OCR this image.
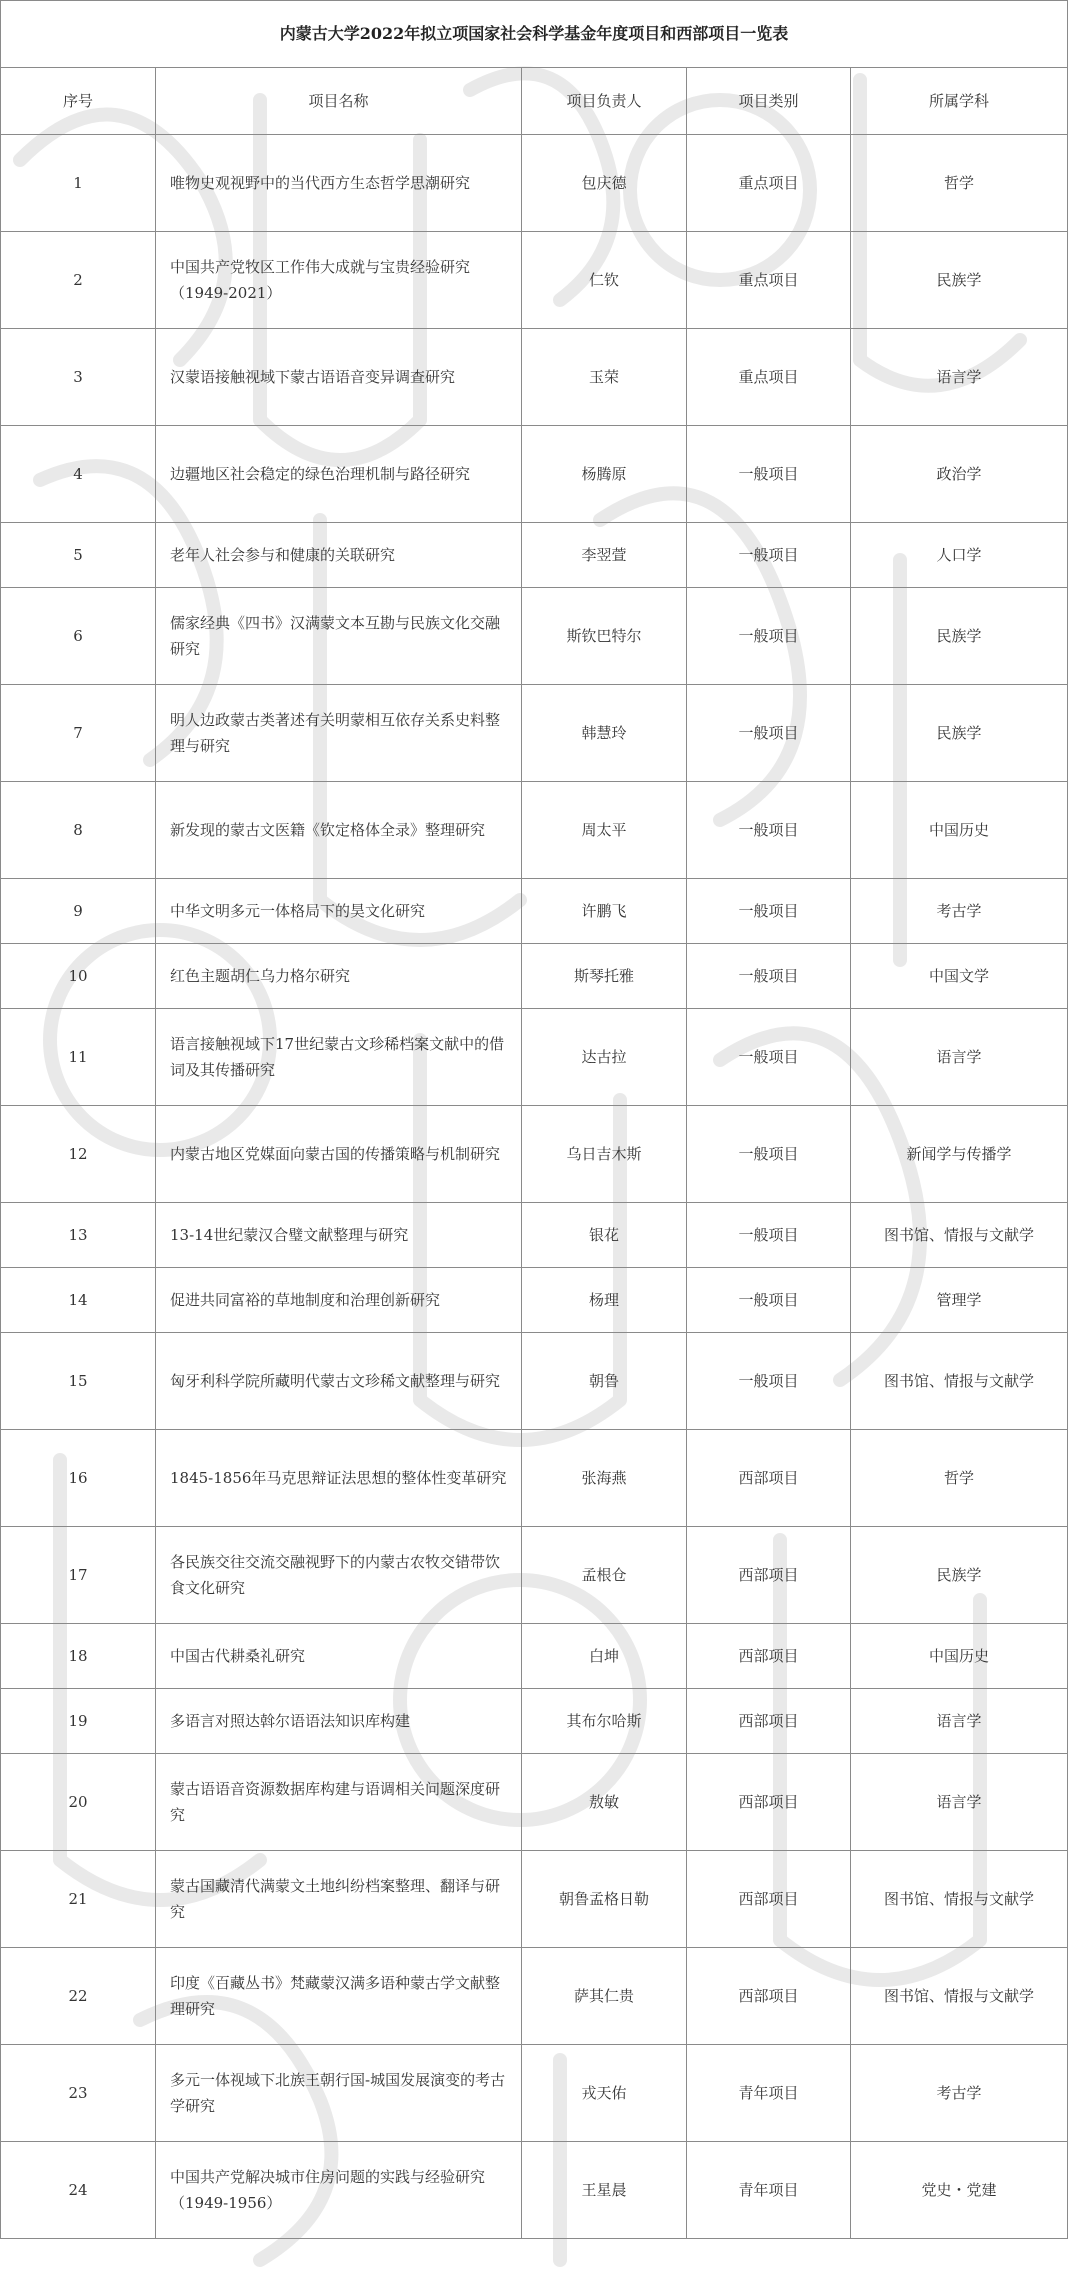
内蒙古大学2022年拟立项国家社会科学基金年度项目和西部项目一览表				
序号	项目名称	项目负责人	项目类别	所属学科
1	唯物史观视野中的当代西方生态哲学思潮研究	包庆德	重点项目	哲学
2	中国共产党牧区工作伟大成就与宝贵经验研究（1949-2021）	仁钦	重点项目	民族学
3	汉蒙语接触视域下蒙古语语音变异调查研究	玉荣	重点项目	语言学
4	边疆地区社会稳定的绿色治理机制与路径研究	杨腾原	一般项目	政治学
5	老年人社会参与和健康的关联研究	李翌萱	一般项目	人口学
6	儒家经典《四书》汉满蒙文本互勘与民族文化交融研究	斯钦巴特尔	一般项目	民族学
7	明人边政蒙古类著述有关明蒙相互依存关系史料整理与研究	韩慧玲	一般项目	民族学
8	新发现的蒙古文医籍《钦定格体全录》整理研究	周太平	一般项目	中国历史
9	中华文明多元一体格局下的昊文化研究	许鹏飞	一般项目	考古学
10	红色主题胡仁乌力格尔研究	斯琴托雅	一般项目	中国文学
11	语言接触视域下17世纪蒙古文珍稀档案文献中的借词及其传播研究	达古拉	一般项目	语言学
12	内蒙古地区党媒面向蒙古国的传播策略与机制研究	乌日吉木斯	一般项目	新闻学与传播学
13	13-14世纪蒙汉合璧文献整理与研究	银花	一般项目	图书馆、情报与文献学
14	促进共同富裕的草地制度和治理创新研究	杨理	一般项目	管理学
15	匈牙利科学院所藏明代蒙古文珍稀文献整理与研究	朝鲁	一般项目	图书馆、情报与文献学
16	1845-1856年马克思辩证法思想的整体性变革研究	张海燕	西部项目	哲学
17	各民族交往交流交融视野下的内蒙古农牧交错带饮食文化研究	孟根仓	西部项目	民族学
18	中国古代耕桑礼研究	白坤	西部项目	中国历史
19	多语言对照达斡尔语语法知识库构建	其布尔哈斯	西部项目	语言学
20	蒙古语语音资源数据库构建与语调相关问题深度研究	敖敏	西部项目	语言学
21	蒙古国藏清代满蒙文土地纠纷档案整理、翻译与研究	朝鲁孟格日勒	西部项目	图书馆、情报与文献学
22	印度《百藏丛书》梵藏蒙汉满多语种蒙古学文献整理研究	萨其仁贵	西部项目	图书馆、情报与文献学
23	多元一体视域下北族王朝行国-城国发展演变的考古学研究	戎天佑	青年项目	考古学
24	中国共产党解决城市住房问题的实践与经验研究（1949-1956）	王星晨	青年项目	党史・党建
